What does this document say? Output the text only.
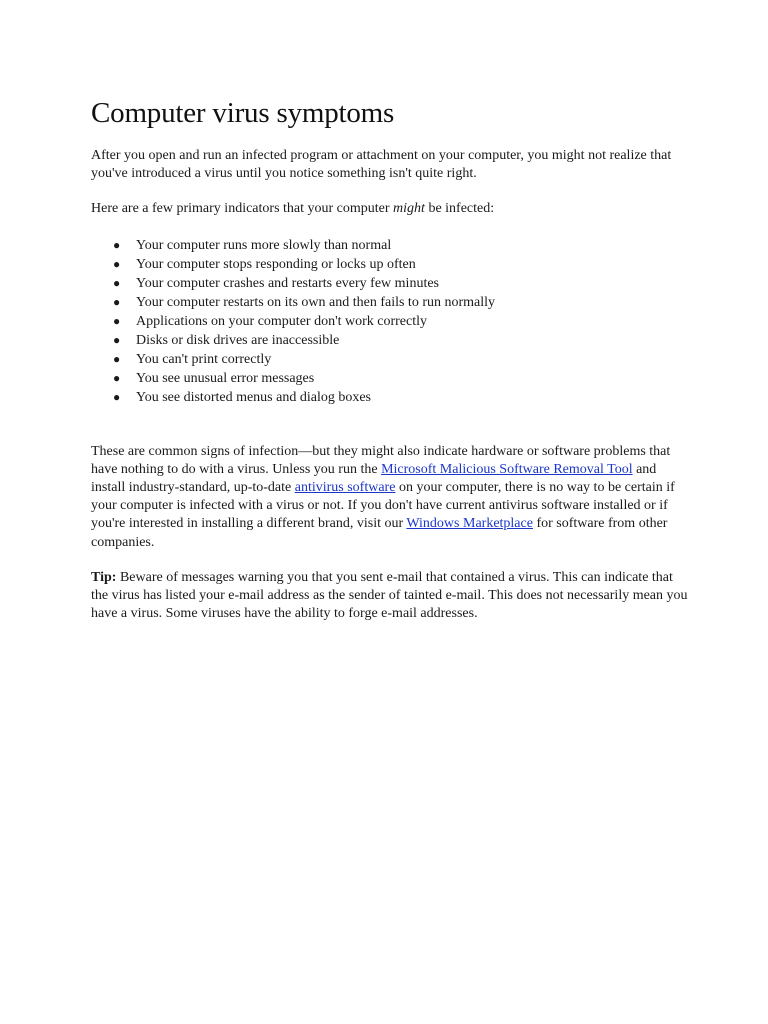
Computer virus symptoms

After you open and run an infected program or attachment on your computer, you might not realize that you've introduced a virus until you notice something isn't quite right.

Here are a few primary indicators that your computer might be infected:

● Your computer runs more slowly than normal
● Your computer stops responding or locks up often
● Your computer crashes and restarts every few minutes
● Your computer restarts on its own and then fails to run normally
● Applications on your computer don't work correctly
● Disks or disk drives are inaccessible
● You can't print correctly
● You see unusual error messages
● You see distorted menus and dialog boxes

These are common signs of infection—but they might also indicate hardware or software problems that have nothing to do with a virus. Unless you run the Microsoft Malicious Software Removal Tool and install industry-standard, up-to-date antivirus software on your computer, there is no way to be certain if your computer is infected with a virus or not. If you don't have current antivirus software installed or if you're interested in installing a different brand, visit our Windows Marketplace for software from other companies.

Tip: Beware of messages warning you that you sent e-mail that contained a virus. This can indicate that the virus has listed your e-mail address as the sender of tainted e-mail. This does not necessarily mean you have a virus. Some viruses have the ability to forge e-mail addresses.
